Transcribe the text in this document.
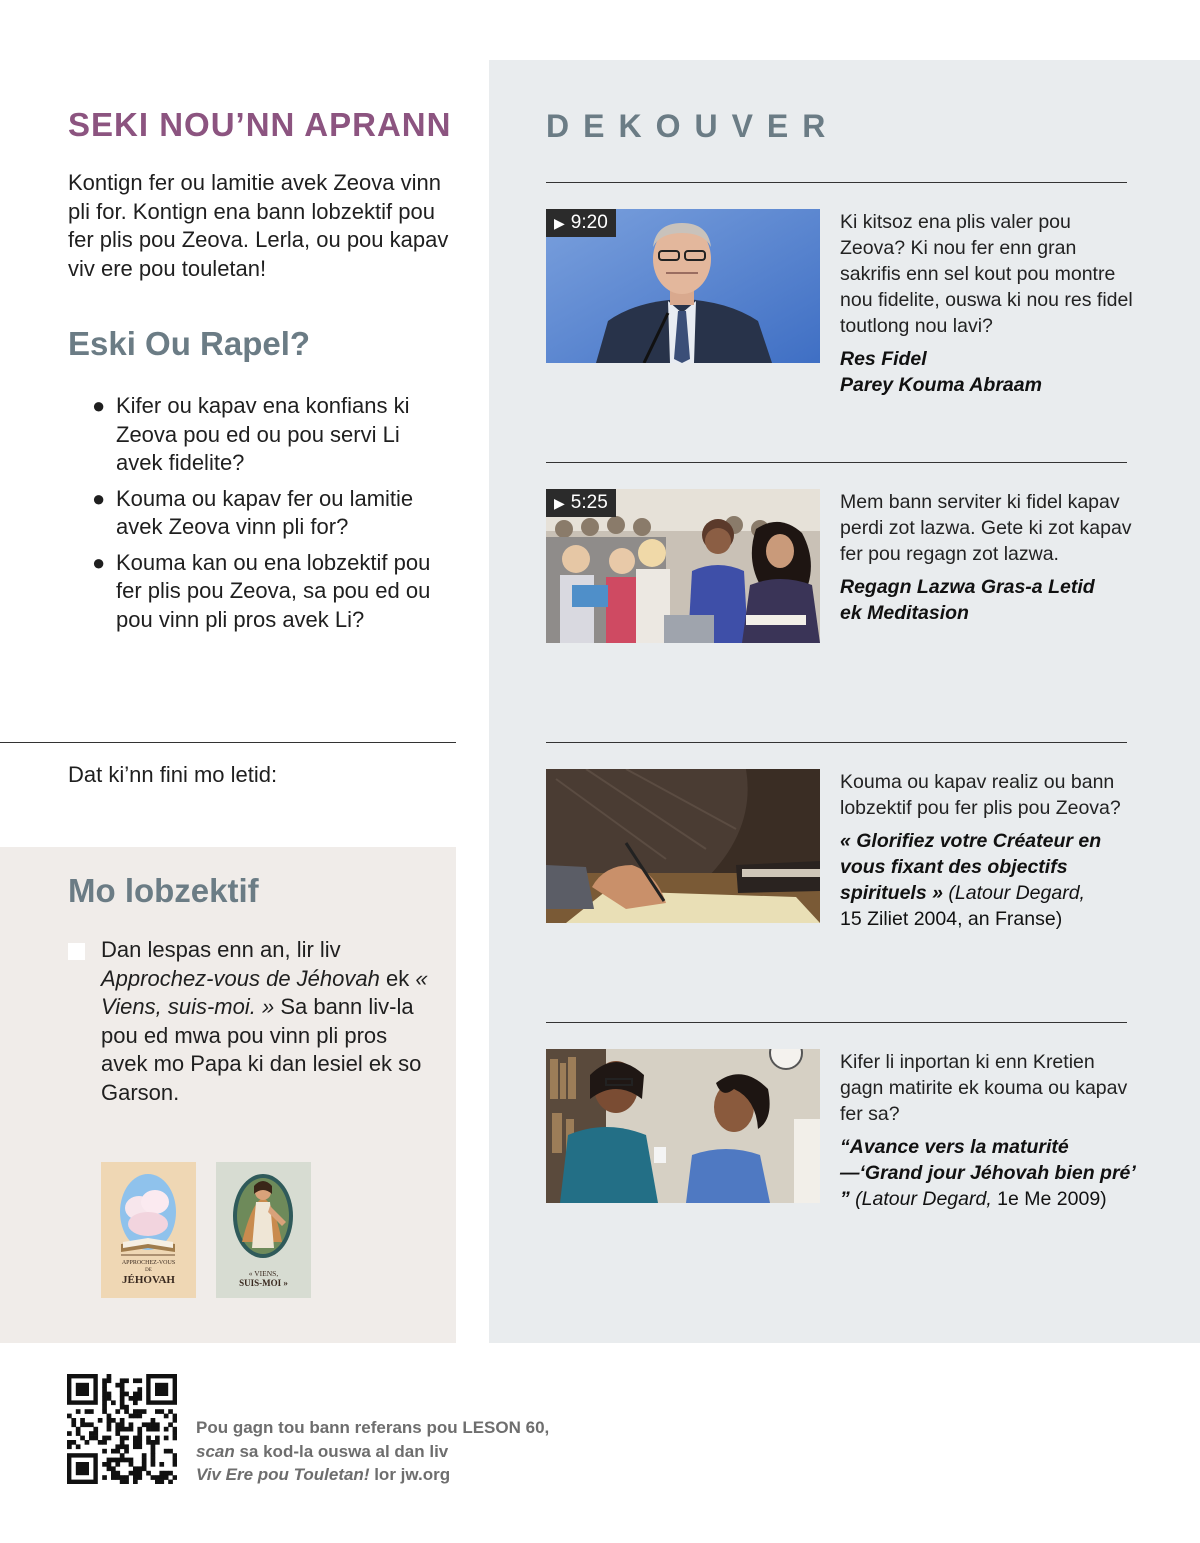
DEKOUVER
▶ 9:20	Ki kitsoz ena plis valer pou Zeova? Ki nou fer enn gran sakrifis enn sel kout pou montre nou fidelite, ouswa ki nou res fidel toutlong nou lavi?
Res Fidel
Parey Kouma Abraam
▶ 5:25	Mem bann serviter ki fidel kapav perdi zot lazwa. Gete ki zot kapav fer pou regagn zot lazwa.
Regagn Lazwa Gras-a Letid
ek Meditasion
Kouma ou kapav realiz ou bann lobzektif pou fer plis pou Zeova?
« Glorifiez votre Créateur en vous fixant des objectifs spirituels » (Latour Degard,
15 Ziliet 2004, an Franse)
Kifer li inportan ki enn Kretien gagn matirite ek kouma ou kapav fer sa?
“Avance vers la maturité
—‘Grand jour Jéhovah bien pré’ ” (Latour Degard, 1e Me 2009)
SEKI NOU’NN APRANN
Kontign fer ou lamitie avek Zeova vinn pli for. Kontign ena bann lobzektif pou fer plis pou Zeova. Lerla, ou pou kapav viv ere pou touletan!
Eski Ou Rapel?
● Kifer ou kapav ena konfians ki Zeova pou ed ou pou servi Li avek fidelite?
● Kouma ou kapav fer ou lamitie avek Zeova vinn pli for?
● Kouma kan ou ena lobzektif pou fer plis pou Zeova, sa pou ed ou pou vinn pli pros avek Li?
Dat ki’nn fini mo letid:
Mo lobzektif
Dan lespas enn an, lir liv Approchez-vous de Jéhovah ek « Viens, suis-moi. » Sa bann liv-la pou ed mwa pou vinn pli pros avek mo Papa ki dan lesiel ek so Garson.
APPROCHEZ-VOUS
DE
JÉHOVAH
« VIENS,
SUIS-MOI »
Pou gagn tou bann referans pou LESON 60,
scan sa kod-la ouswa al dan liv
Viv Ere pou Touletan! lor jw.org
